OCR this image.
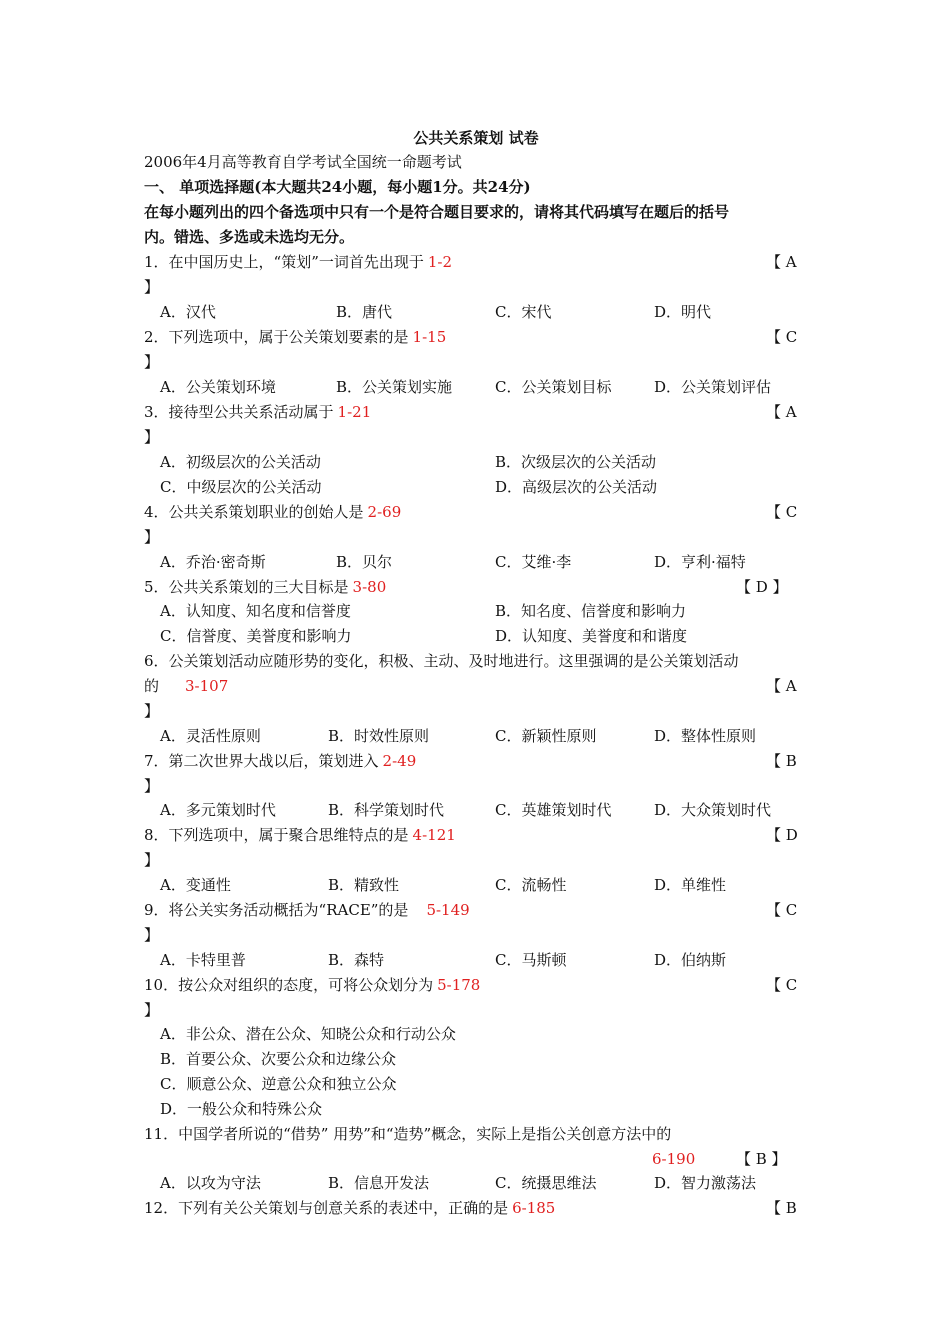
公共关系策划 试卷
2006年4月高等教育自学考试全国统一命题考试
一、 单项选择题(本大题共24小题，每小题1分。共24分)
在每小题列出的四个备选项中只有一个是符合题目要求的，请将其代码填写在题后的括号
内。错选、多选或未选均无分。
1．在中国历史上，“策划”一词首先出现于 1-2	【 A
】
A．汉代	B．唐代	C．宋代	D．明代
2．下列选项中，属于公关策划要素的是 1-15	【 C
】
A．公关策划环境	B．公关策划实施	C．公关策划目标	D．公关策划评估
3．接待型公共关系活动属于 1-21	【 A
】
A．初级层次的公关活动	B．次级层次的公关活动
C．中级层次的公关活动	D．高级层次的公关活动
4．公共关系策划职业的创始人是 2-69	【 C
】
A．乔治·密奇斯	B．贝尔	C．艾维·李	D．亨利·福特
5．公共关系策划的三大目标是 3-80	【 D 】
A．认知度、知名度和信誉度	B．知名度、信誉度和影响力
C．信誉度、美誉度和影响力	D．认知度、美誉度和和谐度
6．公关策划活动应随形势的变化，积极、主动、及时地进行。这里强调的是公关策划活动
的 3-107	【 A
】
A．灵活性原则	B．时效性原则	C．新颖性原则	D．整体性原则
7．第二次世界大战以后，策划进入 2-49	【 B
】
A．多元策划时代	B．科学策划时代	C．英雄策划时代	D．大众策划时代
8．下列选项中，属于聚合思维特点的是 4-121	【 D
】
A．变通性	B．精致性	C．流畅性	D．单维性
9．将公关实务活动概括为“RACE”的是 5-149	【 C
】
A．卡特里普	B．森特	C．马斯顿	D．伯纳斯
10．按公众对组织的态度，可将公众划分为 5-178	【 C
】
A．非公众、潜在公众、知晓公众和行动公众
B．首要公众、次要公众和边缘公众
C．顺意公众、逆意公众和独立公众
D．一般公众和特殊公众
11．中国学者所说的“借势” 用势”和“造势”概念，实际上是指公关创意方法中的
6-190	【 B 】
A．以攻为守法	B．信息开发法	C．统摄思维法	D．智力激荡法
12．下列有关公关策划与创意关系的表述中，正确的是 6-185	【 B
